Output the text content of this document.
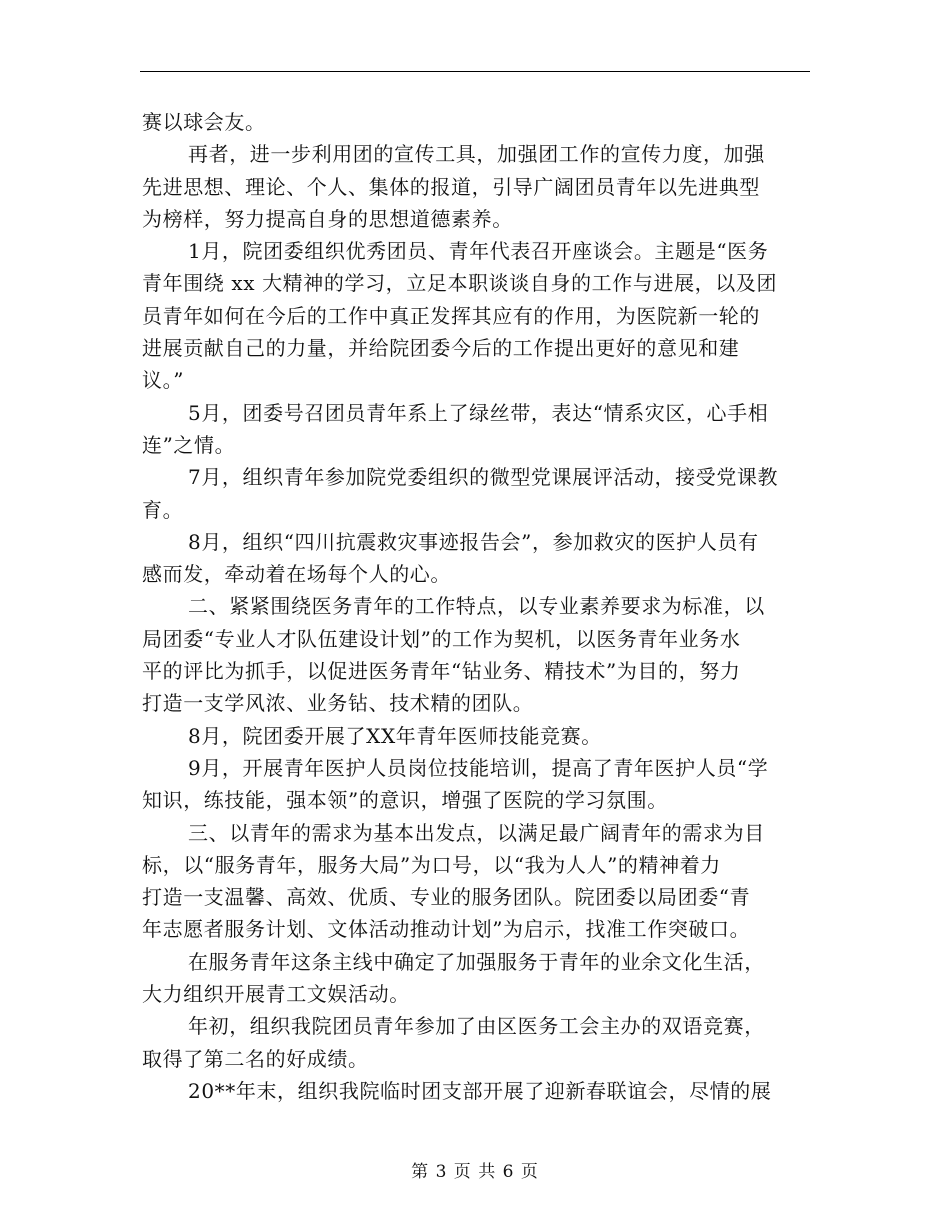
赛以球会友。
再者，进一步利用团的宣传工具，加强团工作的宣传力度，加强
先进思想、理论、个人、集体的报道，引导广阔团员青年以先进典型
为榜样，努力提高自身的思想道德素养。
1月，院团委组织优秀团员、青年代表召开座谈会。主题是“医务
青年围绕 xx 大精神的学习，立足本职谈谈自身的工作与进展，以及团
员青年如何在今后的工作中真正发挥其应有的作用，为医院新一轮的
进展贡献自己的力量，并给院团委今后的工作提出更好的意见和建
议。”
5月，团委号召团员青年系上了绿丝带，表达“情系灾区，心手相
连”之情。
7月，组织青年参加院党委组织的微型党课展评活动，接受党课教
育。
8月，组织“四川抗震救灾事迹报告会”，参加救灾的医护人员有
感而发，牵动着在场每个人的心。
二、紧紧围绕医务青年的工作特点，以专业素养要求为标准，以
局团委“专业人才队伍建设计划”的工作为契机，以医务青年业务水
平的评比为抓手，以促进医务青年“钻业务、精技术”为目的，努力
打造一支学风浓、业务钻、技术精的团队。
8月，院团委开展了XX年青年医师技能竞赛。
9月，开展青年医护人员岗位技能培训，提高了青年医护人员“学
知识，练技能，强本领”的意识，增强了医院的学习氛围。
三、以青年的需求为基本出发点，以满足最广阔青年的需求为目
标，以“服务青年，服务大局”为口号，以“我为人人”的精神着力
打造一支温馨、高效、优质、专业的服务团队。院团委以局团委“青
年志愿者服务计划、文体活动推动计划”为启示，找准工作突破口。
在服务青年这条主线中确定了加强服务于青年的业余文化生活，
大力组织开展青工文娱活动。
年初，组织我院团员青年参加了由区医务工会主办的双语竞赛，
取得了第二名的好成绩。
20**年末，组织我院临时团支部开展了迎新春联谊会，尽情的展
第 3 页 共 6 页
